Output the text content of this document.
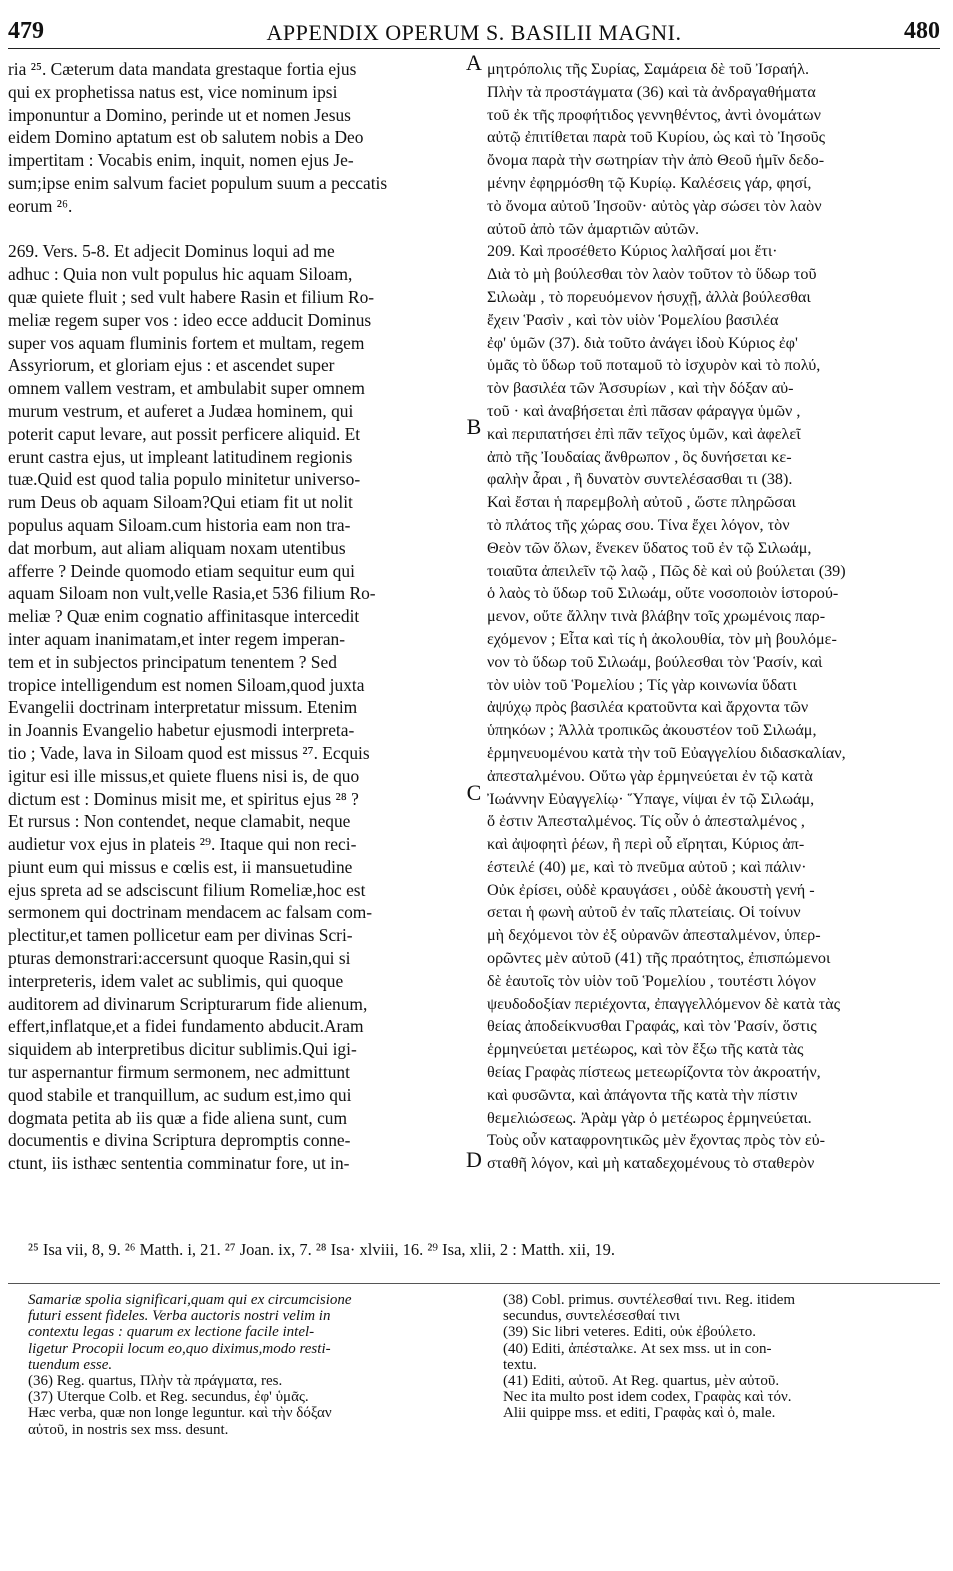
479	APPENDIX OPERUM S. BASILII MAGNI.	480
ria ²⁵. Cæterum data mandata grestaque fortia ejus
qui ex prophetissa natus est, vice nominum ipsi
imponuntur a Domino, perinde ut et nomen Jesus
eidem Domino aptatum est ob salutem nobis a Deo
impertitam : Vocabis enim, inquit, nomen ejus Je-
sum;ipse enim salvum faciet populum suum a peccatis
eorum ²⁶.
269. Vers. 5-8. Et adjecit Dominus loqui ad me
adhuc : Quia non vult populus hic aquam Siloam,
quæ quiete fluit ; sed vult habere Rasin et filium Ro-
meliæ regem super vos : ideo ecce adducit Dominus
super vos aquam fluminis fortem et multam, regem
Assyriorum, et gloriam ejus : et ascendet super
omnem vallem vestram, et ambulabit super omnem
murum vestrum, et auferet a Judæa hominem, qui
poterit caput levare, aut possit perficere aliquid. Et
erunt castra ejus, ut impleant latitudinem regionis
tuæ.Quid est quod talia populo minitetur universo-
rum Deus ob aquam Siloam?Qui etiam fit ut nolit
populus aquam Siloam.cum historia eam non tra-
dat morbum, aut aliam aliquam noxam utentibus
afferre ? Deinde quomodo etiam sequitur eum qui
aquam Siloam non vult,velle Rasia,et 536 filium Ro-
meliæ ? Quæ enim cognatio affinitasque intercedit
inter aquam inanimatam,et inter regem imperan-
tem et in subjectos principatum tenentem ? Sed
tropice intelligendum est nomen Siloam,quod juxta
Evangelii doctrinam interpretatur missum. Etenim
in Joannis Evangelio habetur ejusmodi interpreta-
tio ; Vade, lava in Siloam quod est missus ²⁷. Ecquis
igitur esi ille missus,et quiete fluens nisi is, de quo
dictum est : Dominus misit me, et spiritus ejus ²⁸ ?
Et rursus : Non contendet, neque clamabit, neque
audietur vox ejus in plateis ²⁹. Itaque qui non reci-
piunt eum qui missus e cœlis est, ii mansuetudine
ejus spreta ad se adsciscunt filium Romeliæ,hoc est
sermonem qui doctrinam mendacem ac falsam com-
plectitur,et tamen pollicetur eam per divinas Scri-
pturas demonstrari:accersunt quoque Rasin,qui si
interpreteris, idem valet ac sublimis, qui quoque
auditorem ad divinarum Scripturarum fide alienum,
effert,inflatque,et a fidei fundamento abducit.Aram
siquidem ab interpretibus dicitur sublimis.Qui igi-
tur aspernantur firmum sermonem, nec admittunt
quod stabile et tranquillum, ac sudum est,imo qui
dogmata petita ab iis quæ a fide aliena sunt, cum
documentis e divina Scriptura depromptis conne-
ctunt, iis isthæc sententia comminatur fore, ut in-
μητρόπολις τῆς Συρίας, Σαμάρεια δὲ τοῦ Ἰσραήλ.
Πλὴν τὰ προστάγματα (36) καὶ τὰ ἀνδραγαθήματα
τοῦ ἐκ τῆς προφήτιδος γεννηθέντος, ἀντὶ ὀνομάτων
αὐτῷ ἐπιτίθεται παρὰ τοῦ Κυρίου, ὡς καὶ τὸ Ἰησοῦς
ὄνομα παρὰ τὴν σωτηρίαν τὴν ἀπὸ Θεοῦ ἡμῖν δεδο-
μένην ἐφηρμόσθη τῷ Κυρίῳ. Καλέσεις γάρ, φησί,
τὸ ὄνομα αὐτοῦ Ἰησοῦν· αὐτὸς γὰρ σώσει τὸν λαὸν
αὐτοῦ ἀπὸ τῶν ἁμαρτιῶν αὐτῶν.
209. Καὶ προσέθετο Κύριος λαλῆσαί μοι ἔτι·
Διὰ τὸ μὴ βούλεσθαι τὸν λαὸν τοῦτον τὸ ὕδωρ τοῦ
Σιλωὰμ , τὸ πορευόμενον ἡσυχῇ, ἀλλὰ βούλεσθαι
ἔχειν Ῥασὶν , καὶ τὸν υἱὸν Ῥομελίου βασιλέα
ἐφ' ὑμῶν (37). διὰ τοῦτο ἀνάγει ἰδοὺ Κύριος ἐφ'
ὑμᾶς τὸ ὕδωρ τοῦ ποταμοῦ τὸ ἰσχυρὸν καὶ τὸ πολύ,
τὸν βασιλέα τῶν Ἀσσυρίων , καὶ τὴν δόξαν αὐ-
τοῦ · καὶ ἀναβήσεται ἐπὶ πᾶσαν φάραγγα ὑμῶν ,
καὶ περιπατήσει ἐπὶ πᾶν τεῖχος ὑμῶν, καὶ ἀφελεῖ
ἀπὸ τῆς Ἰουδαίας ἄνθρωπον , ὃς δυνήσεται κε-
φαλὴν ἆραι , ἢ δυνατὸν συντελέσασθαι τι (38).
Καὶ ἔσται ἡ παρεμβολὴ αὐτοῦ , ὥστε πληρῶσαι
τὸ πλάτος τῆς χώρας σου. Τίνα ἔχει λόγον, τὸν
Θεὸν τῶν ὅλων, ἕνεκεν ὕδατος τοῦ ἐν τῷ Σιλωάμ,
τοιαῦτα ἀπειλεῖν τῷ λαῷ , Πῶς δὲ καὶ οὐ βούλεται (39)
ὁ λαὸς τὸ ὕδωρ τοῦ Σιλωάμ, οὔτε νοσοποιὸν ἱστορού-
μενον, οὔτε ἄλλην τινὰ βλάβην τοῖς χρωμένοις παρ-
εχόμενον ; Εἶτα καὶ τίς ἡ ἀκολουθία, τὸν μὴ βουλόμε-
νον τὸ ὕδωρ τοῦ Σιλωάμ, βούλεσθαι τὸν Ῥασίν, καὶ
τὸν υἱὸν τοῦ Ῥομελίου ; Τίς γὰρ κοινωνία ὕδατι
ἀψύχῳ πρὸς βασιλέα κρατοῦντα καὶ ἄρχοντα τῶν
ὑπηκόων ; Ἀλλὰ τροπικῶς ἀκουστέον τοῦ Σιλωάμ,
ἑρμηνευομένου κατὰ τὴν τοῦ Εὐαγγελίου διδασκαλίαν,
ἀπεσταλμένου. Οὕτω γὰρ ἑρμηνεύεται ἐν τῷ κατὰ
Ἰωάννην Εὐαγγελίῳ· Ὕπαγε, νίψαι ἐν τῷ Σιλωάμ,
ὅ ἐστιν Ἀπεσταλμένος. Τίς οὖν ὁ ἀπεσταλμένος ,
καὶ ἀψοφητὶ ῥέων, ἢ περὶ οὗ εἴρηται, Κύριος ἀπ-
έστειλέ (40) με, καὶ τὸ πνεῦμα αὐτοῦ ; καὶ πάλιν·
Οὐκ ἐρίσει, οὐδὲ κραυγάσει , οὐδὲ ἀκουστὴ γενή -
σεται ἡ φωνὴ αὐτοῦ ἐν ταῖς πλατείαις. Οἱ τοίνυν
μὴ δεχόμενοι τὸν ἐξ οὐρανῶν ἀπεσταλμένον, ὑπερ-
ορῶντες μὲν αὐτοῦ (41) τῆς πραότητος, ἐπισπώμενοι
δὲ ἑαυτοῖς τὸν υἱὸν τοῦ Ῥομελίου , τουτέστι λόγον
ψευδοδοξίαν περιέχοντα, ἐπαγγελλόμενον δὲ κατὰ τὰς
θείας ἀποδείκνυσθαι Γραφάς, καὶ τὸν Ῥασίν, ὅστις
ἑρμηνεύεται μετέωρος, καὶ τὸν ἔξω τῆς κατὰ τὰς
θείας Γραφὰς πίστεως μετεωρίζοντα τὸν ἀκροατήν,
καὶ φυσῶντα, καὶ ἀπάγοντα τῆς κατὰ τὴν πίστιν
θεμελιώσεως. Ἀρὰμ γὰρ ὁ μετέωρος ἑρμηνεύεται.
Τοὺς οὖν καταφρονητικῶς μὲν ἔχοντας πρὸς τὸν εὐ-
σταθῆ λόγον, καὶ μὴ καταδεχομένους τὸ σταθερὸν
A
B
C
D
²⁵ Isa vii, 8, 9. ²⁶ Matth. i, 21. ²⁷ Joan. ix, 7. ²⁸ Isa· xlviii, 16. ²⁹ Isa, xlii, 2 : Matth. xii, 19.
Samariæ spolia significari,quam qui ex circumcisione
futuri essent fideles. Verba auctoris nostri velim in
contextu legas : quarum ex lectione facile intel-
ligetur Procopii locum eo,quo diximus,modo resti-
tuendum esse.
(36) Reg. quartus, Πλὴν τὰ πράγματα, res.
(37) Uterque Colb. et Reg. secundus, ἐφ' ὑμᾶς.
Hæc verba, quæ non longe leguntur. καὶ τὴν δόξαν
αὐτοῦ, in nostris sex mss. desunt.
(38) Cobl. primus. συντέλεσθαί τινι. Reg. itidem
secundus, συντελέσεσθαί τινι
(39) Sic libri veteres. Editi, οὐκ ἐβούλετο.
(40) Editi, ἀπέσταλκε. At sex mss. ut in con-
textu.
(41) Editi, αὐτοῦ. At Reg. quartus, μὲν αὐτοῦ.
Nec ita multo post idem codex, Γραφὰς καὶ τόν.
Alii quippe mss. et editi, Γραφὰς καὶ ὁ, male.
